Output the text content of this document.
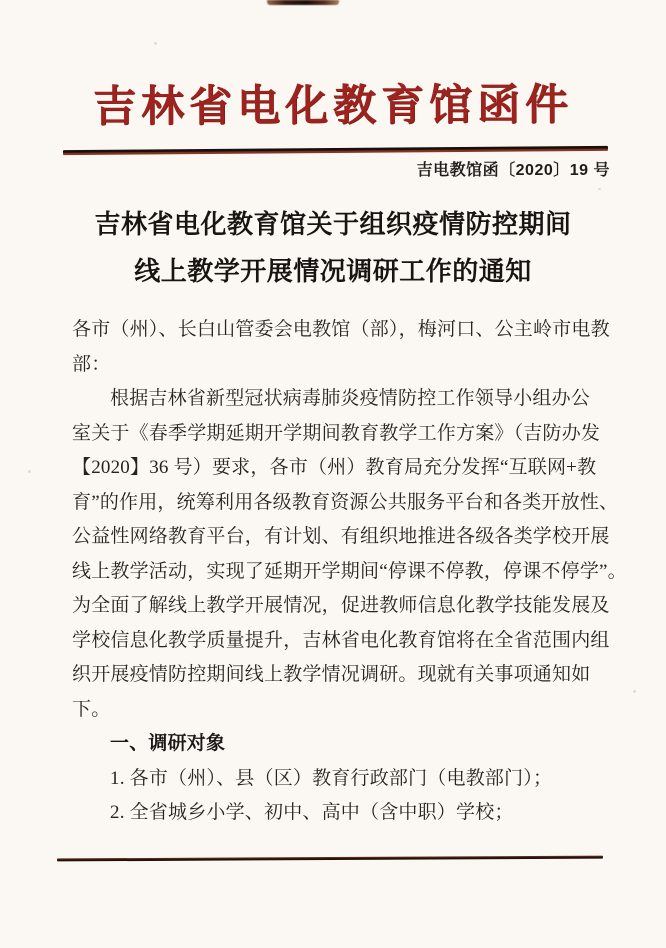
吉林省电化教育馆函件
吉电教馆函〔2020〕19 号
吉林省电化教育馆关于组织疫情防控期间
线上教学开展情况调研工作的通知
各市（州）、长白山管委会电教馆（部），梅河口、公主岭市电教
部：
根据吉林省新型冠状病毒肺炎疫情防控工作领导小组办公
室关于《春季学期延期开学期间教育教学工作方案》（吉防办发
【2020】36 号）要求，各市（州）教育局充分发挥“互联网+教
育”的作用，统筹利用各级教育资源公共服务平台和各类开放性、
公益性网络教育平台，有计划、有组织地推进各级各类学校开展
线上教学活动，实现了延期开学期间“停课不停教，停课不停学”。
为全面了解线上教学开展情况，促进教师信息化教学技能发展及
学校信息化教学质量提升，吉林省电化教育馆将在全省范围内组
织开展疫情防控期间线上教学情况调研。现就有关事项通知如
下。
一、调研对象
1. 各市（州）、县（区）教育行政部门（电教部门）；
2. 全省城乡小学、初中、高中（含中职）学校；
